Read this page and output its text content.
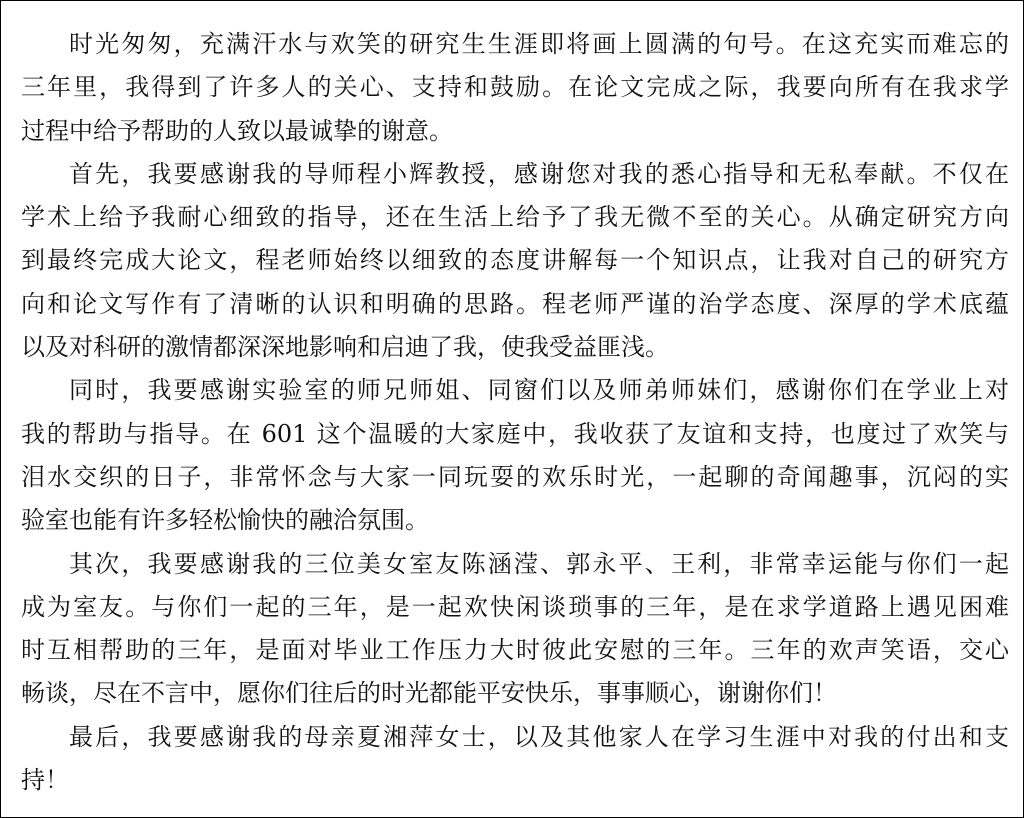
时光匆匆，充满汗水与欢笑的研究生生涯即将画上圆满的句号。在这充实而难忘的
三年里，我得到了许多人的关心、支持和鼓励。在论文完成之际，我要向所有在我求学
过程中给予帮助的人致以最诚挚的谢意。
首先，我要感谢我的导师程小辉教授，感谢您对我的悉心指导和无私奉献。不仅在
学术上给予我耐心细致的指导，还在生活上给予了我无微不至的关心。从确定研究方向
到最终完成大论文，程老师始终以细致的态度讲解每一个知识点，让我对自己的研究方
向和论文写作有了清晰的认识和明确的思路。程老师严谨的治学态度、深厚的学术底蕴
以及对科研的激情都深深地影响和启迪了我，使我受益匪浅。
同时，我要感谢实验室的师兄师姐、同窗们以及师弟师妹们，感谢你们在学业上对
我的帮助与指导。在 601 这个温暖的大家庭中，我收获了友谊和支持，也度过了欢笑与
泪水交织的日子，非常怀念与大家一同玩耍的欢乐时光，一起聊的奇闻趣事，沉闷的实
验室也能有许多轻松愉快的融洽氛围。
其次，我要感谢我的三位美女室友陈涵滢、郭永平、王利，非常幸运能与你们一起
成为室友。与你们一起的三年，是一起欢快闲谈琐事的三年，是在求学道路上遇见困难
时互相帮助的三年，是面对毕业工作压力大时彼此安慰的三年。三年的欢声笑语，交心
畅谈，尽在不言中，愿你们往后的时光都能平安快乐，事事顺心，谢谢你们！
最后，我要感谢我的母亲夏湘萍女士，以及其他家人在学习生涯中对我的付出和支
持！
